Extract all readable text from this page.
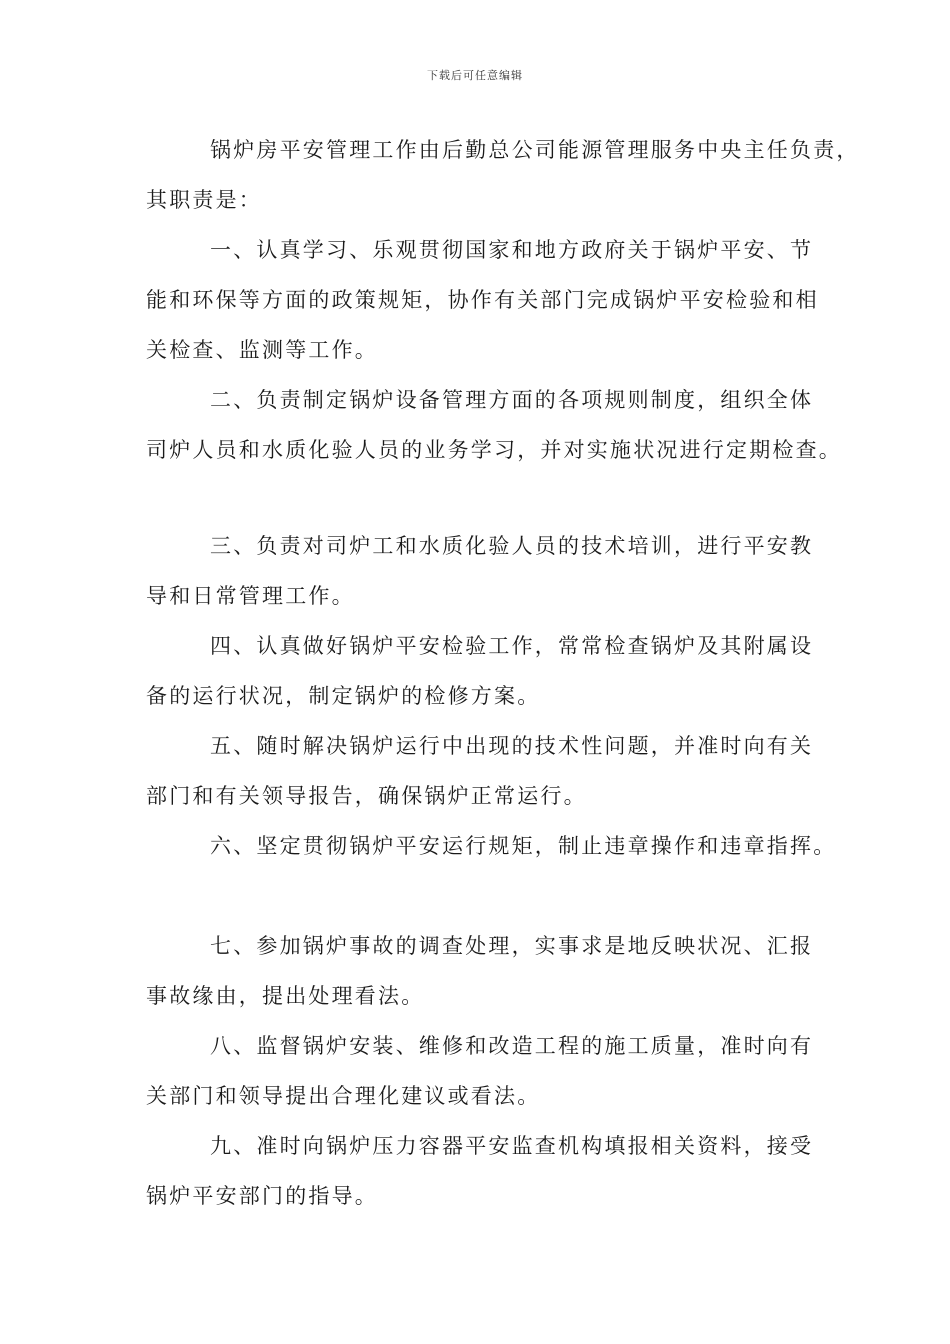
下载后可任意编辑
锅炉房平安管理工作由后勤总公司能源管理服务中央主任负责，
其职责是：
一、认真学习、乐观贯彻国家和地方政府关于锅炉平安、节
能和环保等方面的政策规矩，协作有关部门完成锅炉平安检验和相
关检查、监测等工作。
二、负责制定锅炉设备管理方面的各项规则制度，组织全体
司炉人员和水质化验人员的业务学习，并对实施状况进行定期检查。
三、负责对司炉工和水质化验人员的技术培训，进行平安教
导和日常管理工作。
四、认真做好锅炉平安检验工作，常常检查锅炉及其附属设
备的运行状况，制定锅炉的检修方案。
五、随时解决锅炉运行中出现的技术性问题，并准时向有关
部门和有关领导报告，确保锅炉正常运行。
六、坚定贯彻锅炉平安运行规矩，制止违章操作和违章指挥。
七、参加锅炉事故的调查处理，实事求是地反映状况、汇报
事故缘由，提出处理看法。
八、监督锅炉安装、维修和改造工程的施工质量，准时向有
关部门和领导提出合理化建议或看法。
九、准时向锅炉压力容器平安监查机构填报相关资料，接受
锅炉平安部门的指导。
